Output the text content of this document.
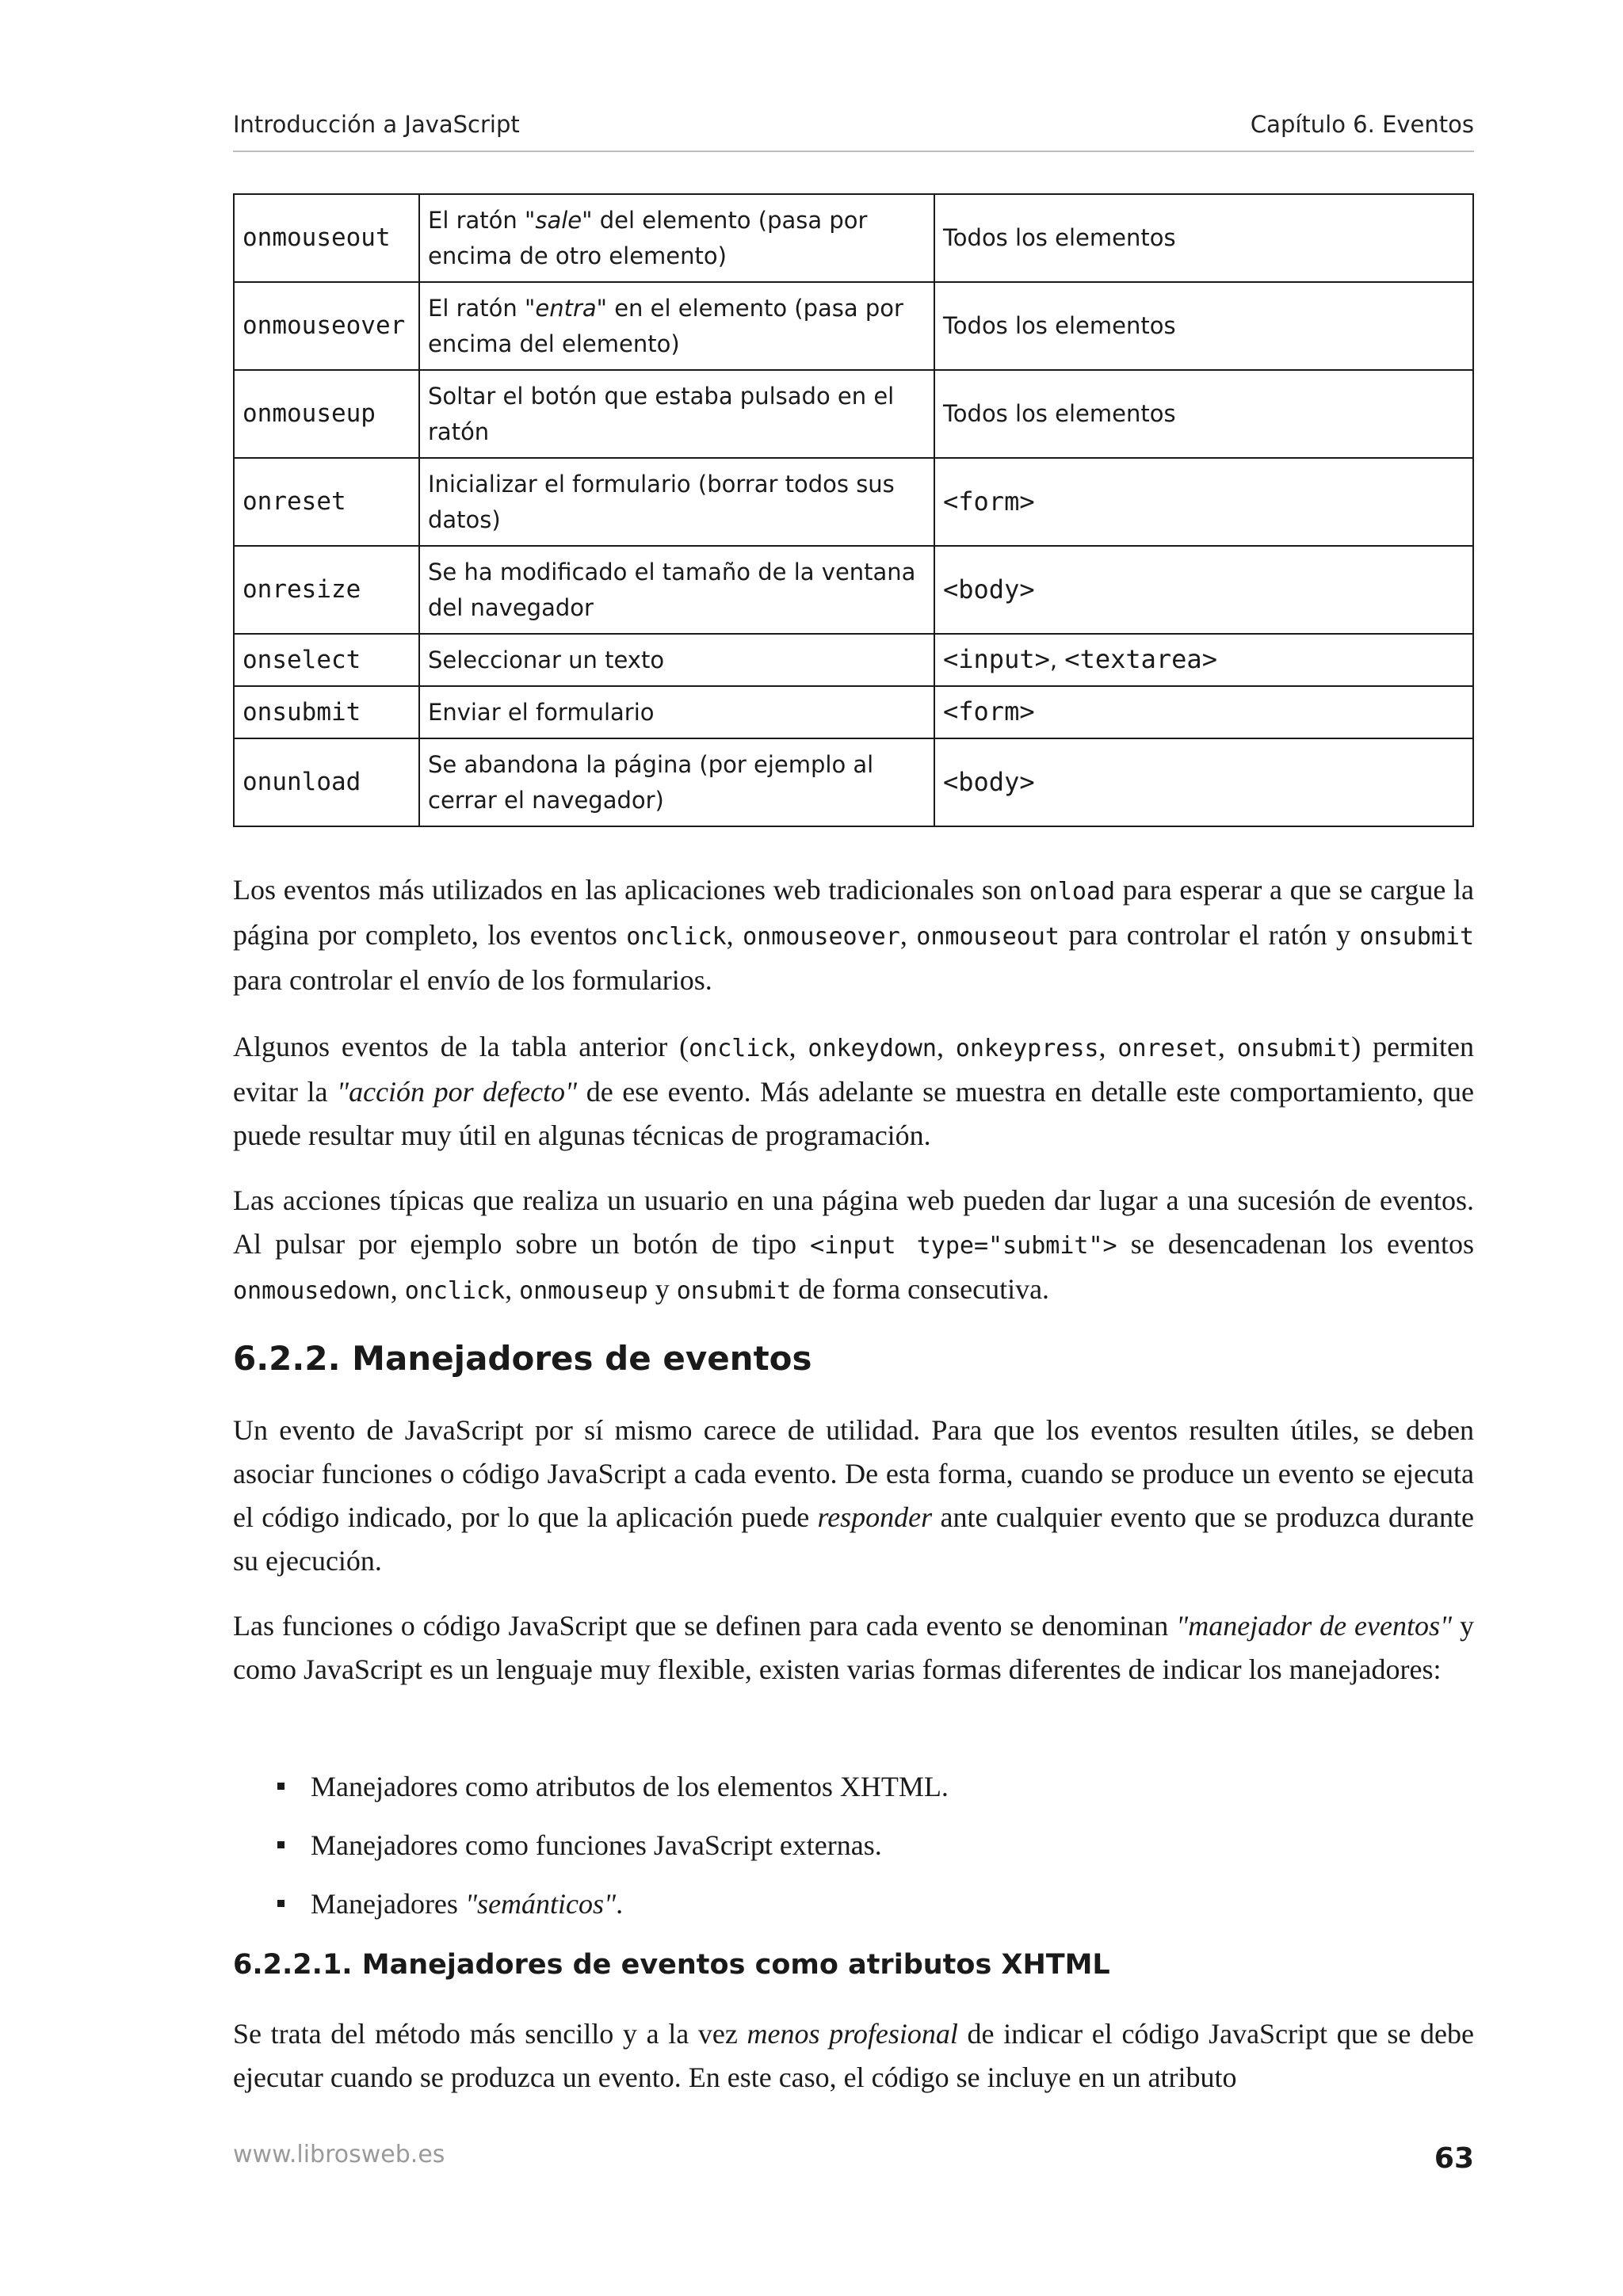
Introducción a JavaScript	Capítulo 6. Eventos
onmouseout	El ratón "sale" del elemento (pasa por encima de otro elemento)	Todos los elementos
onmouseover	El ratón "entra" en el elemento (pasa por encima del elemento)	Todos los elementos
onmouseup	Soltar el botón que estaba pulsado en el ratón	Todos los elementos
onreset	Inicializar el formulario (borrar todos sus datos)	<form>
onresize	Se ha modificado el tamaño de la ventana del navegador	<body>
onselect	Seleccionar un texto	<input>, <textarea>
onsubmit	Enviar el formulario	<form>
onunload	Se abandona la página (por ejemplo al cerrar el navegador)	<body>

Los eventos más utilizados en las aplicaciones web tradicionales son onload para esperar a que se cargue la página por completo, los eventos onclick, onmouseover, onmouseout para controlar el ratón y onsubmit para controlar el envío de los formularios.

Algunos eventos de la tabla anterior (onclick, onkeydown, onkeypress, onreset, onsubmit) permiten evitar la "acción por defecto" de ese evento. Más adelante se muestra en detalle este comportamiento, que puede resultar muy útil en algunas técnicas de programación.

Las acciones típicas que realiza un usuario en una página web pueden dar lugar a una sucesión de eventos. Al pulsar por ejemplo sobre un botón de tipo <input type="submit"> se desencadenan los eventos onmousedown, onclick, onmouseup y onsubmit de forma consecutiva.

6.2.2. Manejadores de eventos

Un evento de JavaScript por sí mismo carece de utilidad. Para que los eventos resulten útiles, se deben asociar funciones o código JavaScript a cada evento. De esta forma, cuando se produce un evento se ejecuta el código indicado, por lo que la aplicación puede responder ante cualquier evento que se produzca durante su ejecución.

Las funciones o código JavaScript que se definen para cada evento se denominan "manejador de eventos" y como JavaScript es un lenguaje muy flexible, existen varias formas diferentes de indicar los manejadores:

Manejadores como atributos de los elementos XHTML.
Manejadores como funciones JavaScript externas.
Manejadores "semánticos".
6.2.2.1. Manejadores de eventos como atributos XHTML

Se trata del método más sencillo y a la vez menos profesional de indicar el código JavaScript que se debe ejecutar cuando se produzca un evento. En este caso, el código se incluye en un atributo

www.librosweb.es	63
